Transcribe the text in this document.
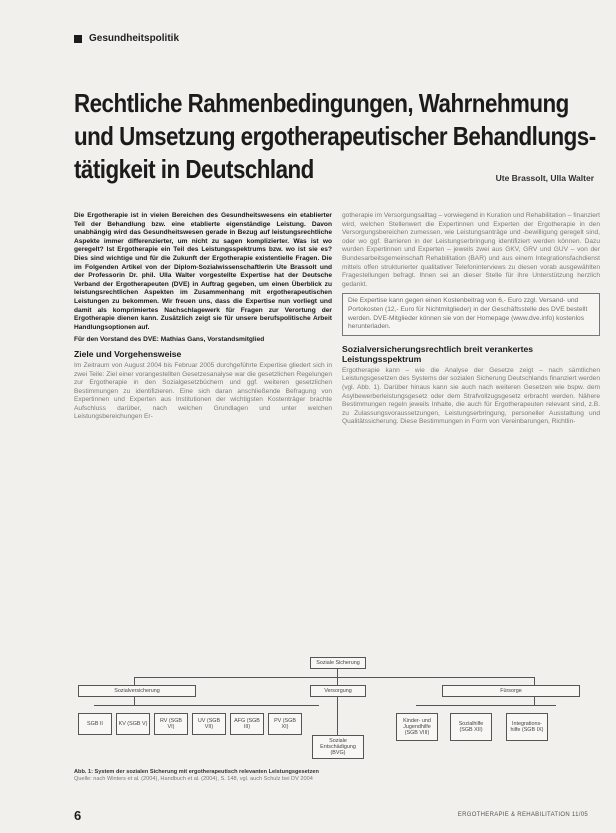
Gesundheitspolitik
Rechtliche Rahmenbedingungen, Wahrnehmung
und Umsetzung ergotherapeutischer Behandlungs-
tätigkeit in Deutschland	Ute Brassolt, Ulla Walter

Die Ergotherapie ist in vielen Bereichen des Gesundheitswesens ein etablierter Teil der Behandlung bzw. eine etablierte eigenständige Leistung. Davon unabhängig wird das Gesundheitswesen gerade in Bezug auf leistungsrechtliche Aspekte immer differenzierter, um nicht zu sagen komplizierter. Was ist wo geregelt? Ist Ergotherapie ein Teil des Leistungsspektrums bzw. wo ist sie es? Dies sind wichtige und für die Zukunft der Ergotherapie existentielle Fragen. Die im Folgenden Artikel von der Diplom-Sozialwissenschaftlerin Ute Brassolt und der Professorin Dr. phil. Ulla Walter vorgestellte Expertise hat der Deutsche Verband der Ergotherapeuten (DVE) in Auftrag gegeben, um einen Überblick zu leistungsrechtlichen Aspekten im Zusammenhang mit ergotherapeutischen Leistungen zu bekommen. Wir freuen uns, dass die Expertise nun vorliegt und damit als komprimiertes Nachschlagewerk für Fragen zur Verortung der Ergotherapie dienen kann. Zusätzlich zeigt sie für unsere berufspolitische Arbeit Handlungsoptionen auf.

Für den Vorstand des DVE: Mathias Gans, Vorstandsmitglied

Ziele und Vorgehensweise

Im Zeitraum von August 2004 bis Februar 2005 durchgeführte Expertise gliedert sich in zwei Teile: Ziel einer vorangestellten Gesetzesanalyse war die gesetzlichen Regelungen zur Ergotherapie in den Sozialgesetzbüchern und ggf. weiteren gesetzlichen Bestimmungen zu identifizieren. Eine sich daran anschließende Befragung von Expertinnen und Experten aus Institutionen der wichtigsten Kostenträger brachte Aufschluss darüber, nach welchen Grundlagen und unter welchen Leistungsbereichungen Er-

gotherapie im Versorgungsalltag – vorwiegend in Kuration und Rehabilitation – finanziert wird, welchen Stellenwert die Expertinnen und Experten der Ergotherapie in den Versorgungsbereichen zumessen, wie Leistungsanträge und -bewilligung geregelt sind, oder wo ggf. Barrieren in der Leistungserbringung identifiziert werden können. Dazu wurden Expertinnen und Experten – jeweils zwei aus GKV, GRV und GUV – von der Bundesarbeitsgemeinschaft Rehabilitation (BAR) und aus einem Integrationsfachdienst mittels offen strukturierter qualitativer Telefoninterviews zu diesen vorab ausgewählten Fragestellungen befragt. Ihnen sei an dieser Stelle für ihre Unterstützung herzlich gedankt.

Die Expertise kann gegen einen Kostenbeitrag von 6,- Euro zzgl. Versand- und Portokosten (12,- Euro für Nichtmitglieder) in der Geschäftsstelle des DVE bestellt werden. DVE-Mitglieder können sie von der Homepage (www.dve.info) kostenlos herunterladen.
Sozialversicherungsrechtlich breit verankertes Leistungsspektrum

Ergotherapie kann – wie die Analyse der Gesetze zeigt – nach sämtlichen Leistungsgesetzen des Systems der sozialen Sicherung Deutschlands finanziert werden (vgl. Abb. 1). Darüber hinaus kann sie auch nach weiteren Gesetzen wie bspw. dem Asylbewerberleistungsgesetz oder dem Strafvollzugsgesetz erbracht werden. Nähere Bestimmungen regeln jeweils Inhalte, die auch für Ergotherapeuten relevant sind, z.B. zu Zulassungsvoraussetzungen, Leistungserbringung, personeller Ausstattung und Qualitätssicherung. Diese Bestimmungen in Form von Vereinbarungen, Richtlin-

Soziale Sicherung
Sozialversicherung	Versorgung	Fürsorge
SGB II	KV (SGB V)	RV (SGB VI)
UV (SGB VII)
AFG (SGB III)
PV (SGB XI)
Soziale Entschädigung (BVG)
Kinder- und Jugendhilfe (SGB VIII)
Sozialhilfe (SGB XII)
Integrations-hilfe (SGB IX)
Abb. 1: System der sozialen Sicherung mit ergotherapeutisch relevanten Leistungsgesetzen
Quelle: nach Winters et al. (2004), Handbuch et al. (2004), S. 148, vgl. auch Schulz bei DV 2004
6	ERGOTHERAPIE & REHABILITATION 11/05
